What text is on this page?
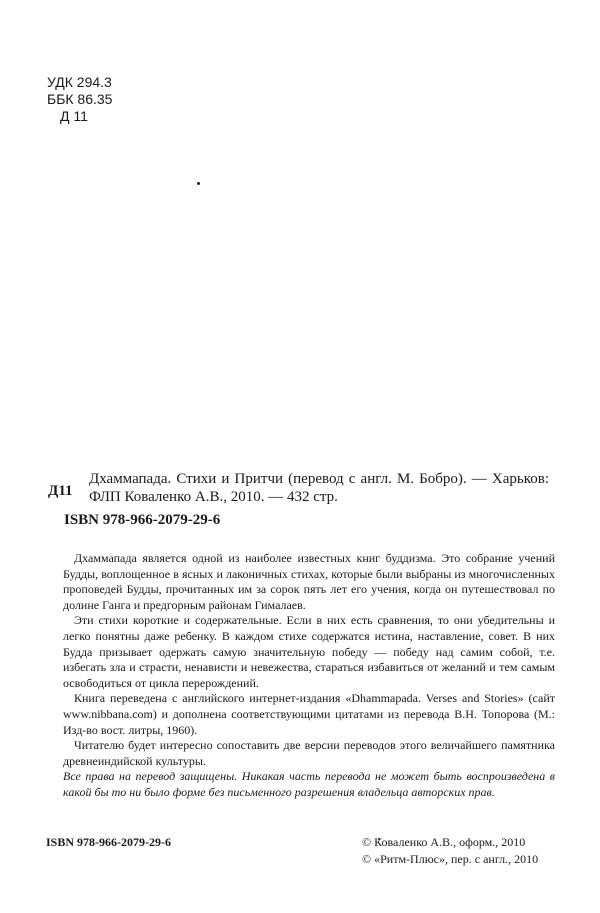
УДК 294.3
ББК 86.35
Д 11
Д11
Дхаммапада. Стихи и Притчи (перевод с англ. М. Бобро). — Харьков: ФЛП Коваленко А.В., 2010. — 432 стр.
ISBN 978-966-2079-29-6

Дхаммапада является одной из наиболее известных книг буддизма. Это собрание учений Будды, воплощенное в ясных и лаконичных стихах, которые были выбраны из многочисленных проповедей Будды, прочитанных им за сорок пять лет его учения, когда он путешествовал по долине Ганга и предгорным районам Гималаев.

Эти стихи короткие и содержательные. Если в них есть сравнения, то они убедительны и легко понятны даже ребенку. В каждом стихе содержатся истина, наставление, совет. В них Будда призывает одержать самую значительную победу — победу над самим собой, т.е. избегать зла и страсти, ненависти и невежества, стараться избавиться от желаний и тем самым освободиться от цикла перерождений.

Книга переведена с английского интернет-издания «Dhammapada. Verses and Stories» (сайт www.nibbana.com) и дополнена соответствующими цитатами из перевода В.Н. Топорова (М.: Изд-во вост. литры, 1960).

Читателю будет интересно сопоставить две версии переводов этого величайшего памятника древнеиндийской культуры.

Все права на перевод защищены. Никакая часть перевода не может быть воспроизведена в какой бы то ни было форме без письменного разрешения владельца авторских прав.
ISBN 978-966-2079-29-6	© Коваленко А.В., оформ., 2010
© «Ритм-Плюс», пер. с англ., 2010
